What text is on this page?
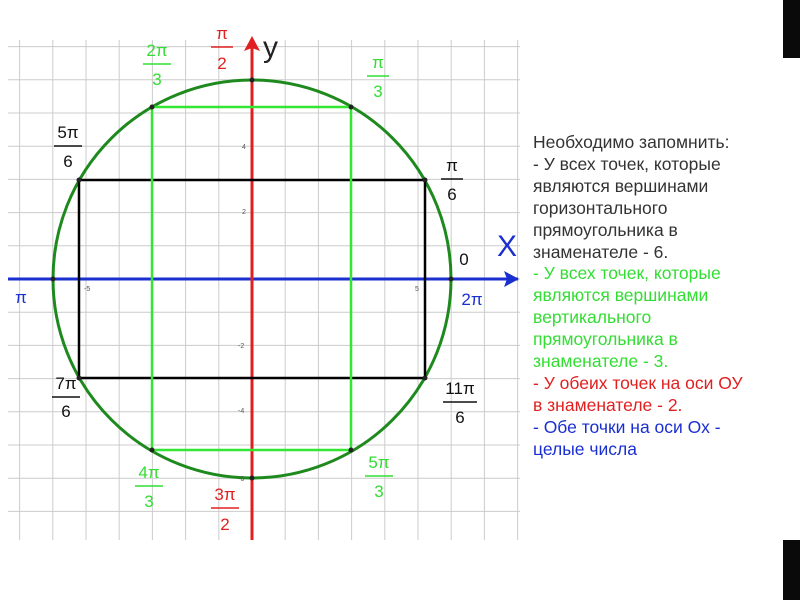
-5	5
4
2
-2
-4
-6
X
y
π
2
2π
3
π
3
5π
6	π
6
0
π	2π
7π
6
11π
6
4π
3
5π
3
3π
2
Необходимо запомнить:
- У всех точек, которые
являются вершинами
горизонтального
прямоугольника в
знаменателе - 6.
- У всех точек, которые
являются вершинами
вертикального
прямоугольника в
знаменателе - 3.
- У обеих точек на оси ОУ
в знаменателе - 2.
- Обе точки на оси Ох -
целые числа
